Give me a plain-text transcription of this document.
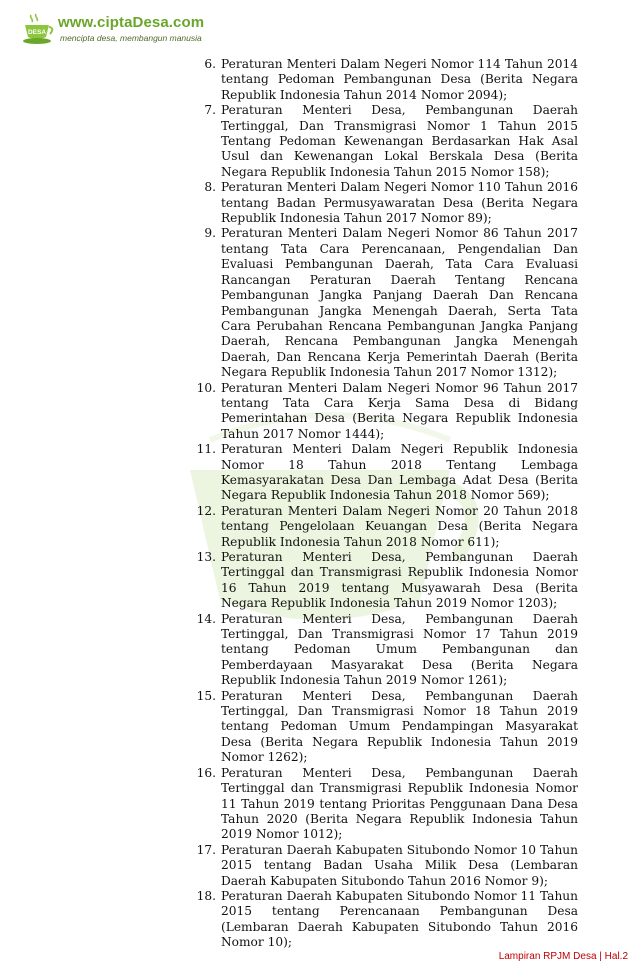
DESA
www.ciptaDesa.com
mencipta desa, membangun manusia
6. Peraturan Menteri Dalam Negeri Nomor 114 Tahun 2014 tentang Pedoman Pembangunan Desa (Berita Negara Republik Indonesia Tahun 2014 Nomor 2094);
7. Peraturan Menteri Desa, Pembangunan Daerah Tertinggal, Dan Transmigrasi Nomor 1 Tahun 2015 Tentang Pedoman Kewenangan Berdasarkan Hak Asal Usul dan Kewenangan Lokal Berskala Desa (Berita Negara Republik Indonesia Tahun 2015 Nomor 158);
8. Peraturan Menteri Dalam Negeri Nomor 110 Tahun 2016 tentang Badan Permusyawaratan Desa (Berita Negara Republik Indonesia Tahun 2017 Nomor 89);
9. Peraturan Menteri Dalam Negeri Nomor 86 Tahun 2017 tentang Tata Cara Perencanaan, Pengendalian Dan Evaluasi Pembangunan Daerah, Tata Cara Evaluasi Rancangan Peraturan Daerah Tentang Rencana Pembangunan Jangka Panjang Daerah Dan Rencana Pembangunan Jangka Menengah Daerah, Serta Tata Cara Perubahan Rencana Pembangunan Jangka Panjang Daerah, Rencana Pembangunan Jangka Menengah Daerah, Dan Rencana Kerja Pemerintah Daerah (Berita Negara Republik Indonesia Tahun 2017 Nomor 1312);
10. Peraturan Menteri Dalam Negeri Nomor 96 Tahun 2017 tentang Tata Cara Kerja Sama Desa di Bidang Pemerintahan Desa (Berita Negara Republik Indonesia Tahun 2017 Nomor 1444);
11. Peraturan Menteri Dalam Negeri Republik Indonesia Nomor 18 Tahun 2018 Tentang Lembaga Kemasyarakatan Desa Dan Lembaga Adat Desa (Berita Negara Republik Indonesia Tahun 2018 Nomor 569);
12. Peraturan Menteri Dalam Negeri Nomor 20 Tahun 2018 tentang Pengelolaan Keuangan Desa (Berita Negara Republik Indonesia Tahun 2018 Nomor 611);
13. Peraturan Menteri Desa, Pembangunan Daerah Tertinggal dan Transmigrasi Republik Indonesia Nomor 16 Tahun 2019 tentang Musyawarah Desa (Berita Negara Republik Indonesia Tahun 2019 Nomor 1203);
14. Peraturan Menteri Desa, Pembangunan Daerah Tertinggal, Dan Transmigrasi Nomor 17 Tahun 2019 tentang Pedoman Umum Pembangunan dan Pemberdayaan Masyarakat Desa (Berita Negara Republik Indonesia Tahun 2019 Nomor 1261);
15. Peraturan Menteri Desa, Pembangunan Daerah Tertinggal, Dan Transmigrasi Nomor 18 Tahun 2019 tentang Pedoman Umum Pendampingan Masyarakat Desa (Berita Negara Republik Indonesia Tahun 2019 Nomor 1262);
16. Peraturan Menteri Desa, Pembangunan Daerah Tertinggal dan Transmigrasi Republik Indonesia Nomor 11 Tahun 2019 tentang Prioritas Penggunaan Dana Desa Tahun 2020 (Berita Negara Republik Indonesia Tahun 2019 Nomor 1012);
17. Peraturan Daerah Kabupaten Situbondo Nomor 10 Tahun 2015 tentang Badan Usaha Milik Desa (Lembaran Daerah Kabupaten Situbondo Tahun 2016 Nomor 9);
18. Peraturan Daerah Kabupaten Situbondo Nomor 11 Tahun 2015 tentang Perencanaan Pembangunan Desa (Lembaran Daerah Kabupaten Situbondo Tahun 2016 Nomor 10);
Lampiran RPJM Desa | Hal.2
